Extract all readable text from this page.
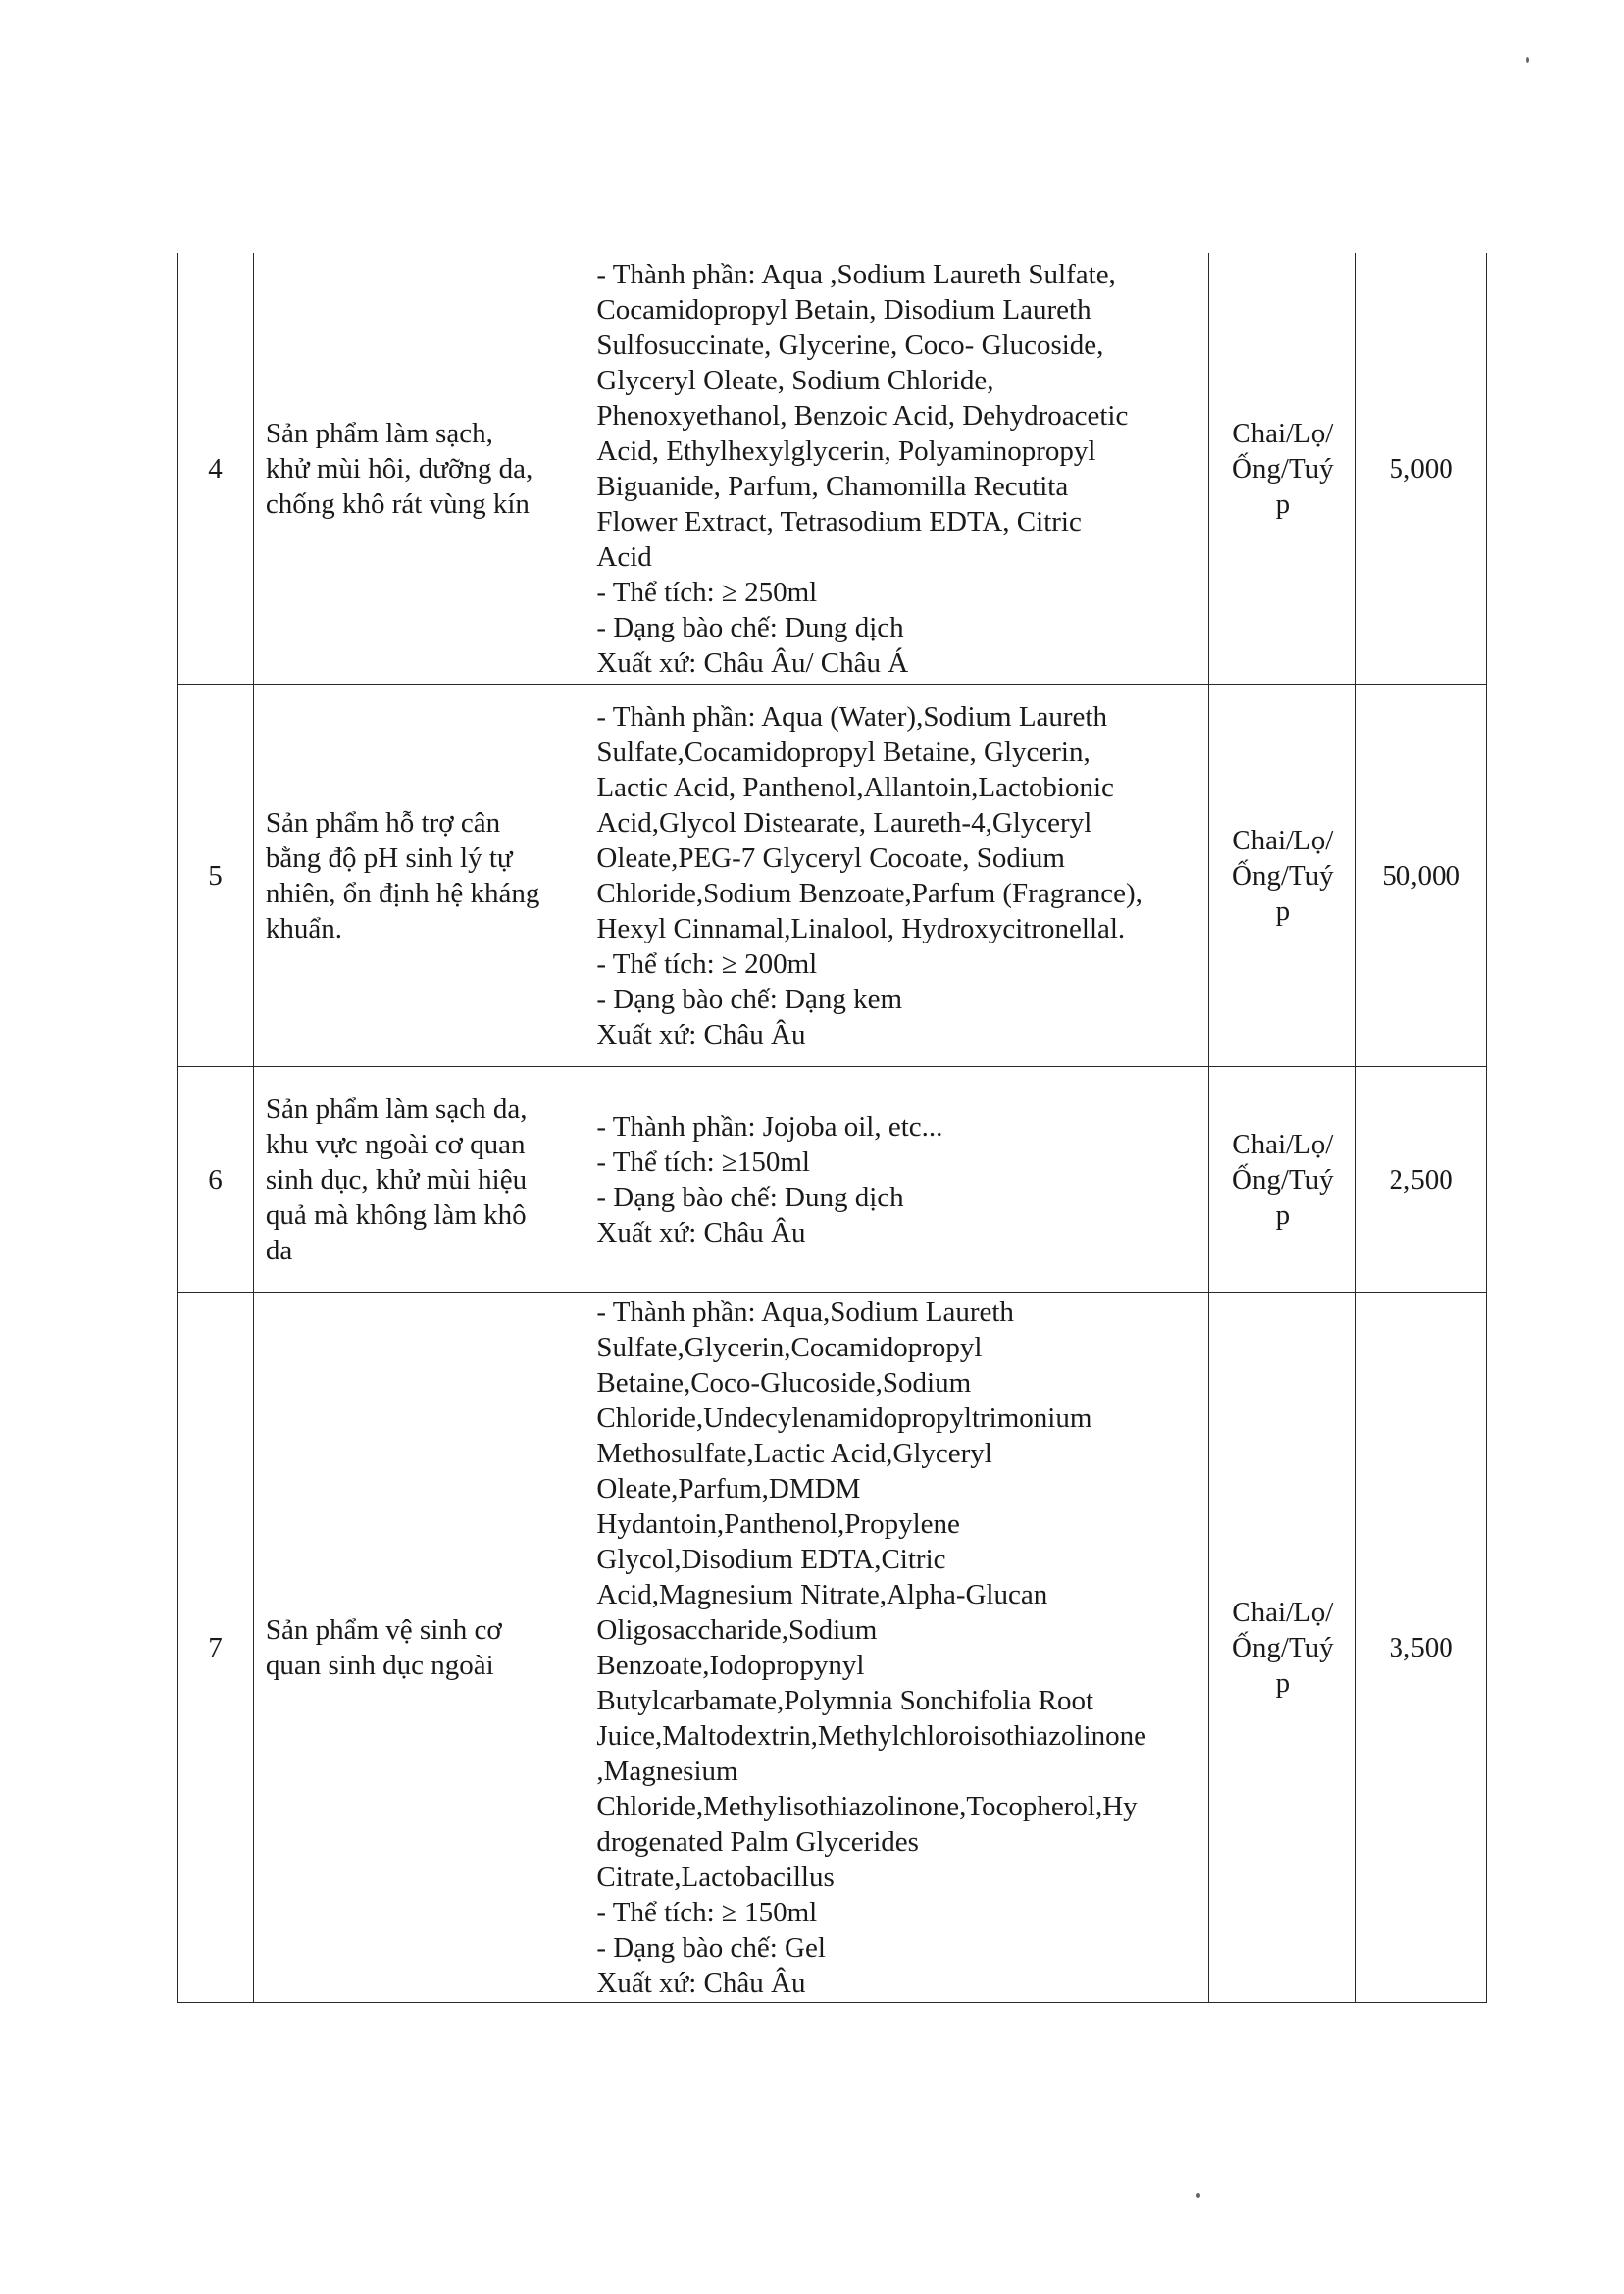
4
Sản phẩm làm sạch,
khử mùi hôi, dưỡng da,
chống khô rát vùng kín
- Thành phần: Aqua ,Sodium Laureth Sulfate,
Cocamidopropyl Betain, Disodium Laureth
Sulfosuccinate, Glycerine, Coco- Glucoside,
Glyceryl Oleate, Sodium Chloride,
Phenoxyethanol, Benzoic Acid, Dehydroacetic
Acid, Ethylhexylglycerin, Polyaminopropyl
Biguanide, Parfum, Chamomilla Recutita
Flower Extract, Tetrasodium EDTA, Citric
Acid
- Thể tích: ≥ 250ml
- Dạng bào chế: Dung dịch
Xuất xứ: Châu Âu/ Châu Á
Chai/Lọ/
Ống/Tuý
p
5,000
5
Sản phẩm hỗ trợ cân
bằng độ pH sinh lý tự
nhiên, ổn định hệ kháng
khuẩn.
- Thành phần: Aqua (Water),Sodium Laureth
Sulfate,Cocamidopropyl Betaine, Glycerin,
Lactic Acid, Panthenol,Allantoin,Lactobionic
Acid,Glycol Distearate, Laureth-4,Glyceryl
Oleate,PEG-7 Glyceryl Cocoate, Sodium
Chloride,Sodium Benzoate,Parfum (Fragrance),
Hexyl Cinnamal,Linalool, Hydroxycitronellal.
- Thể tích: ≥ 200ml
- Dạng bào chế: Dạng kem
Xuất xứ: Châu Âu
Chai/Lọ/
Ống/Tuý
p
50,000
6
Sản phẩm làm sạch da,
khu vực ngoài cơ quan
sinh dục, khử mùi hiệu
quả mà không làm khô
da
- Thành phần: Jojoba oil, etc...
- Thể tích: ≥150ml
- Dạng bào chế: Dung dịch
Xuất xứ: Châu Âu
Chai/Lọ/
Ống/Tuý
p
2,500
7
Sản phẩm vệ sinh cơ
quan sinh dục ngoài
- Thành phần: Aqua,Sodium Laureth
Sulfate,Glycerin,Cocamidopropyl
Betaine,Coco-Glucoside,Sodium
Chloride,Undecylenamidopropyltrimonium
Methosulfate,Lactic Acid,Glyceryl
Oleate,Parfum,DMDM
Hydantoin,Panthenol,Propylene
Glycol,Disodium EDTA,Citric
Acid,Magnesium Nitrate,Alpha-Glucan
Oligosaccharide,Sodium
Benzoate,Iodopropynyl
Butylcarbamate,Polymnia Sonchifolia Root
Juice,Maltodextrin,Methylchloroisothiazolinone
,Magnesium
Chloride,Methylisothiazolinone,Tocopherol,Hy
drogenated Palm Glycerides
Citrate,Lactobacillus
- Thể tích: ≥ 150ml
- Dạng bào chế: Gel
Xuất xứ: Châu Âu
Chai/Lọ/
Ống/Tuý
p
3,500
